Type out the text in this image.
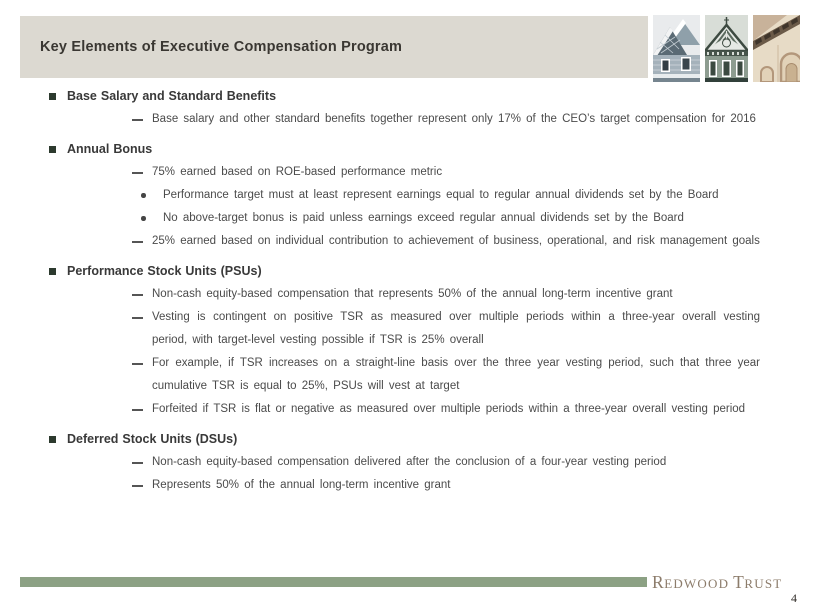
Key Elements of Executive Compensation Program
Base Salary and Standard Benefits
Base salary and other standard benefits together represent only 17% of the CEO’s target compensation for 2016
Annual Bonus
75% earned based on ROE-based performance metric
Performance target must at least represent earnings equal to regular annual dividends set by the Board
No above-target bonus is paid unless earnings exceed regular annual dividends set by the Board
25% earned based on individual contribution to achievement of business, operational, and risk management goals
Performance Stock Units (PSUs)
Non-cash equity-based compensation that represents 50% of the annual long-term incentive grant
Vesting is contingent on positive TSR as measured over multiple periods within a three-year overall vesting period, with target-level vesting possible if TSR is 25% overall
For example, if TSR increases on a straight-line basis over the three year vesting period, such that three year cumulative TSR is equal to 25%, PSUs will vest at target
Forfeited if TSR is flat or negative as measured over multiple periods within a three-year overall vesting period
Deferred Stock Units (DSUs)
Non-cash equity-based compensation delivered after the conclusion of a four-year vesting period
Represents 50% of the annual long-term incentive grant
REDWOOD TRUST
4
